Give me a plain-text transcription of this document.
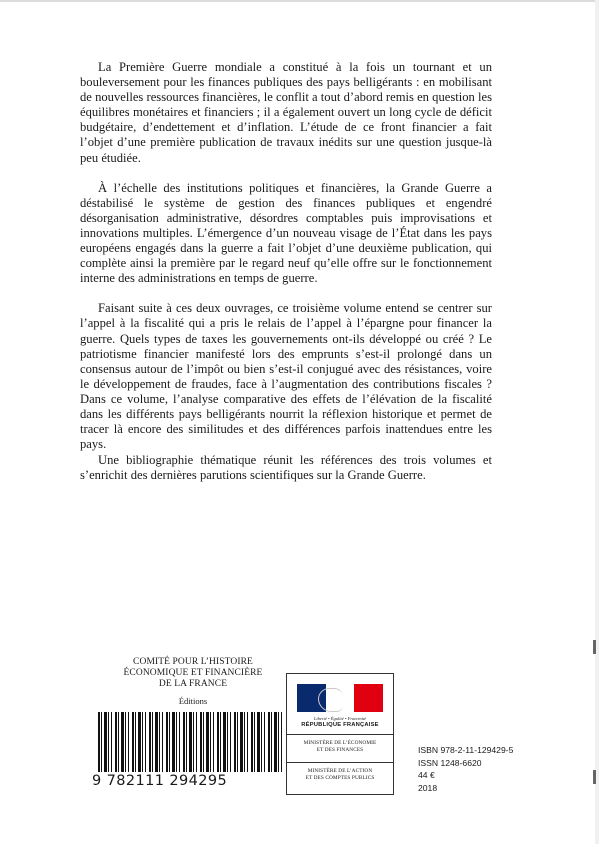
La Première Guerre mondiale a constitué à la fois un tournant et un bouleversement pour les finances publiques des pays belligérants : en mobilisant de nouvelles ressources financières, le conflit a tout d’abord remis en question les équilibres monétaires et financiers ; il a également ouvert un long cycle de déficit budgétaire, d’endettement et d’inflation. L’étude de ce front financier a fait l’objet d’une première publication de travaux inédits sur une question jusque-là peu étudiée.

À l’échelle des institutions politiques et financières, la Grande Guerre a déstabilisé le système de gestion des finances publiques et engendré désorganisation administrative, désordres comptables puis improvisations et innovations multiples. L’émergence d’un nouveau visage de l’État dans les pays européens engagés dans la guerre a fait l’objet d’une deuxième publication, qui complète ainsi la première par le regard neuf qu’elle offre sur le fonctionnement interne des administrations en temps de guerre.

Faisant suite à ces deux ouvrages, ce troisième volume entend se centrer sur l’appel à la fiscalité qui a pris le relais de l’appel à l’épargne pour financer la guerre. Quels types de taxes les gouvernements ont-ils développé ou créé ? Le patriotisme financier manifesté lors des emprunts s’est-il prolongé dans un consensus autour de l’impôt ou bien s’est-il conjugué avec des résistances, voire le développement de fraudes, face à l’augmentation des contributions fiscales ? Dans ce volume, l’analyse comparative des effets de l’élévation de la fiscalité dans les différents pays belligérants nourrit la réflexion historique et permet de tracer là encore des similitudes et des différences parfois inattendues entre les pays.

Une bibliographie thématique réunit les références des trois volumes et s’enrichit des dernières parutions scientifiques sur la Grande Guerre.

COMITÉ POUR L’HISTOIRE
ÉCONOMIQUE ET FINANCIÈRE
DE LA FRANCE
Éditions
9 782111 294295
Liberté • Égalité • Fraternité
RÉPUBLIQUE FRANÇAISE
MINISTÈRE DE L’ÉCONOMIE
ET DES FINANCES
MINISTÈRE DE L’ACTION
ET DES COMPTES PUBLICS
ISBN 978-2-11-129429-5
ISSN 1248-6620
44 €
2018
